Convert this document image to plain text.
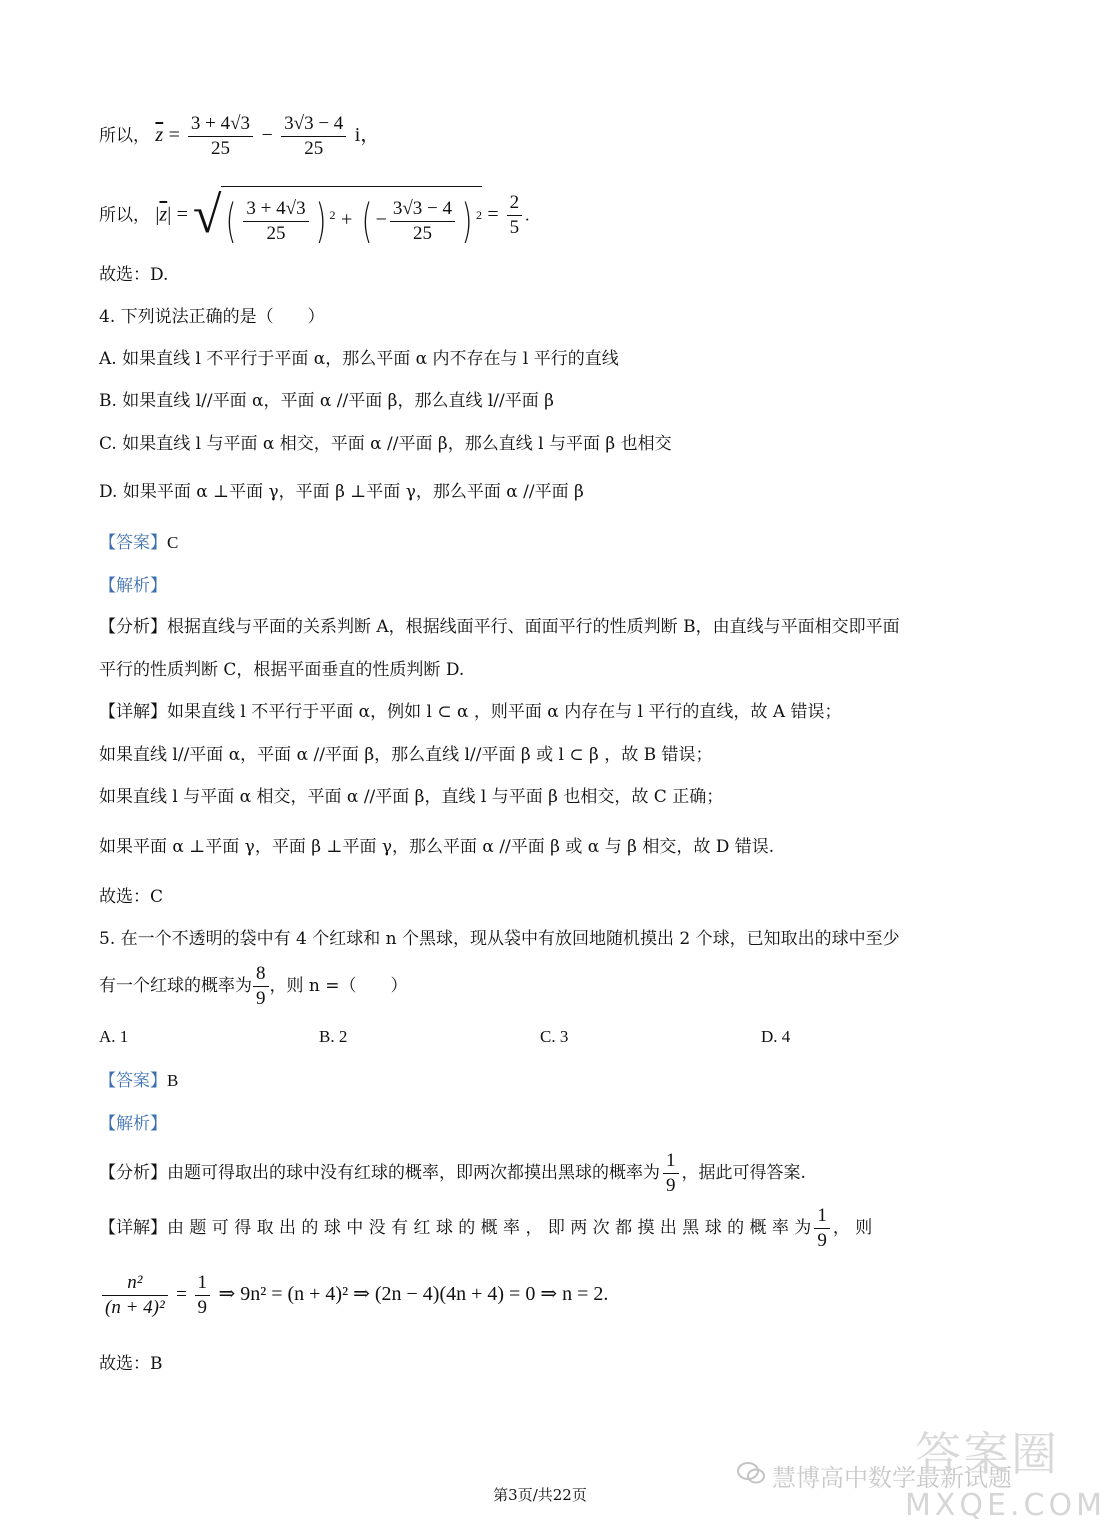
所以， $\overline{z} = \frac{3 + 4√3}{25} - \frac{3√3 - 4}{25}$ i，
所以， $|\overline{z}|$ = √( $\frac{3 + 4√3}{25}$ ) $^2$ + ( − $\frac{3√3 - 4}{25}$ ) $^2 = \frac{2}{5}$ .
故选：D.
4. 下列说法正确的是（　　）
A. 如果直线 l 不平行于平面 α，那么平面 α 内不存在与 l 平行的直线
B. 如果直线 l//平面 α，平面 α //平面 β，那么直线 l//平面 β
C. 如果直线 l 与平面 α 相交，平面 α //平面 β，那么直线 l 与平面 β 也相交
D. 如果平面 α ⊥平面 γ，平面 β ⊥平面 γ，那么平面 α //平面 β
【答案】C
【解析】
【分析】根据直线与平面的关系判断 A，根据线面平行、面面平行的性质判断 B，由直线与平面相交即平面
平行的性质判断 C，根据平面垂直的性质判断 D.
【详解】如果直线 l 不平行于平面 α，例如 l ⊂ α ，则平面 α 内存在与 l 平行的直线，故 A 错误；
如果直线 l//平面 α，平面 α //平面 β，那么直线 l//平面 β 或 l ⊂ β ，故 B 错误；
如果直线 l 与平面 α 相交，平面 α //平面 β，直线 l 与平面 β 也相交，故 C 正确；
如果平面 α ⊥平面 γ，平面 β ⊥平面 γ，那么平面 α //平面 β 或 α 与 β 相交，故 D 错误.
故选：C
5. 在一个不透明的袋中有 4 个红球和 n 个黑球，现从袋中有放回地随机摸出 2 个球，已知取出的球中至少
有一个红球的概率为 $\frac{8}{9}$ ，则 n =（　　）
A. 1	B. 2	C. 3	D. 4
【答案】B
【解析】
【分析】由题可得取出的球中没有红球的概率，即两次都摸出黑球的概率为 $\frac{1}{9}$ ，据此可得答案.
【详解】由 题 可 得 取 出 的 球 中 没 有 红 球 的 概 率 ， 即 两 次 都 摸 出 黑 球 的 概 率 为 $\frac{1}{9}$ ， 则
$\frac{\text{n²}}{\text{(n + 4)²}} = \frac{1}{9}$ ⇒ 9n² = (n + 4)² ⇒ (2n − 4)(4n + 4) = 0 ⇒ n = 2.
故选：B
慧博高中数学最新试题
答案圈
MXQE.COM
第3页/共22页
